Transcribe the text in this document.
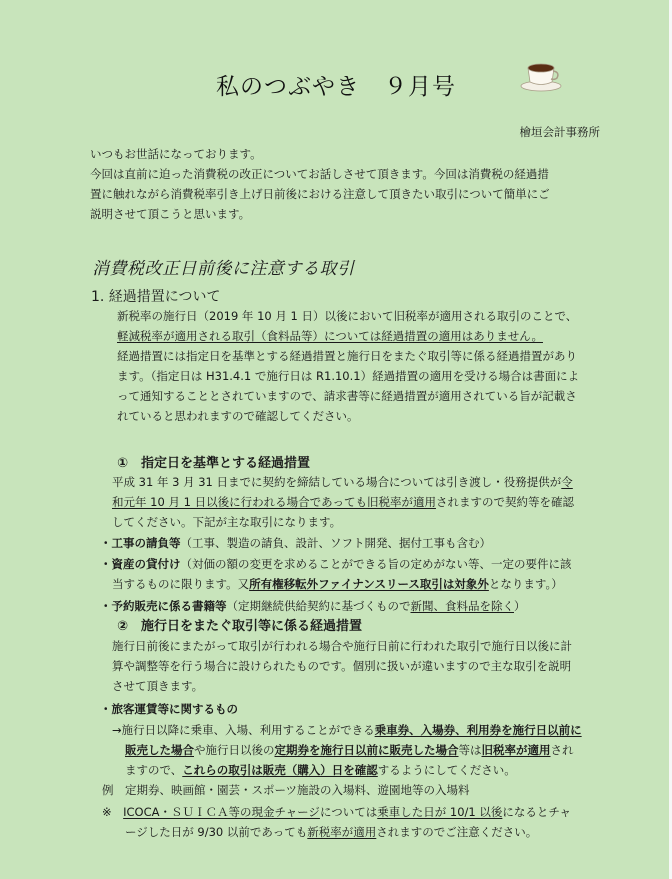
私のつぶやき　９月号
檜垣会計事務所
いつもお世話になっております。
今回は直前に迫った消費税の改正についてお話しさせて頂きます。今回は消費税の経過措
置に触れながら消費税率引き上げ日前後における注意して頂きたい取引について簡単にご
説明させて頂こうと思います。
消費税改正日前後に注意する取引
1. 経過措置について
新税率の施行日（2019 年 10 月 1 日）以後において旧税率が適用される取引のことで、
軽減税率が適用される取引（食料品等）については経過措置の適用はありません。
経過措置には指定日を基準とする経過措置と施行日をまたぐ取引等に係る経過措置があり
ます。（指定日は H31.4.1 で施行日は R1.10.1）経過措置の適用を受ける場合は書面によ
って通知することとされていますので、請求書等に経過措置が適用されている旨が記載さ
れていると思われますので確認してください。
①　指定日を基準とする経過措置
平成 31 年 3 月 31 日までに契約を締結している場合については引き渡し・役務提供が令
和元年 10 月 1 日以後に行われる場合であっても旧税率が適用されますので契約等を確認
してください。下記が主な取引になります。
・工事の請負等（工事、製造の請負、設計、ソフト開発、据付工事も含む）
・資産の貸付け（対価の額の変更を求めることができる旨の定めがない等、一定の要件に該
当するものに限ります。又所有権移転外ファイナンスリース取引は対象外となります。）
・予約販売に係る書籍等（定期継続供給契約に基づくもので新聞、食料品を除く）
②　施行日をまたぐ取引等に係る経過措置
施行日前後にまたがって取引が行われる場合や施行日前に行われた取引で施行日以後に計
算や調整等を行う場合に設けられたものです。個別に扱いが違いますので主な取引を説明
させて頂きます。
・旅客運賃等に関するもの
→施行日以降に乗車、入場、利用することができる乗車券、入場券、利用券を施行日以前に
販売した場合や施行日以後の定期券を施行日以前に販売した場合等は旧税率が適用され
ますので、これらの取引は販売（購入）日を確認するようにしてください。
例　定期券、映画館・園芸・スポーツ施設の入場料、遊園地等の入場料
※　ICOCA・ＳＵＩＣＡ等の現金チャージについては乗車した日が 10/1 以後になるとチャ
ージした日が 9/30 以前であっても新税率が適用されますのでご注意ください。
